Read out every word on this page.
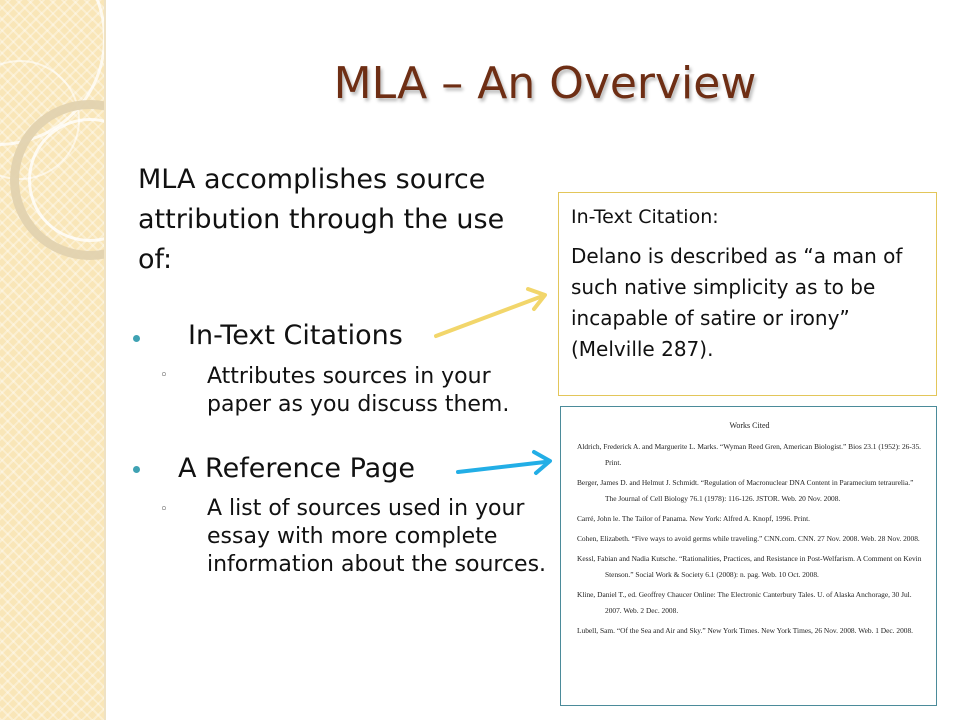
MLA – An Overview
MLA accomplishes source attribution through the use of:
In-Text Citations
◦ Attributes sources in your paper as you discuss them.
A Reference Page
◦ A list of sources used in your essay with more complete information about the sources.
In-Text Citation:
Delano is described as “a man of such native simplicity as to be incapable of satire or irony” (Melville 287).
Works Cited
Aldrich, Frederick A. and Marguerite L. Marks. “Wyman Reed Gren, American Biologist.” Bios 23.1 (1952): 26-35. Print.
Berger, James D. and Helmut J. Schmidt. “Regulation of Macronuclear DNA Content in Paramecium tetraurelia.” The Journal of Cell Biology 76.1 (1978): 116-126. JSTOR. Web. 20 Nov. 2008.
Carré, John le. The Tailor of Panama. New York: Alfred A. Knopf, 1996. Print.
Cohen, Elizabeth. “Five ways to avoid germs while traveling.” CNN.com. CNN. 27 Nov. 2008. Web. 28 Nov. 2008.
Kessl, Fabian and Nadia Kutsche. “Rationalities, Practices, and Resistance in Post-Welfarism. A Comment on Kevin Stenson.” Social Work & Society 6.1 (2008): n. pag. Web. 10 Oct. 2008.
Kline, Daniel T., ed. Geoffrey Chaucer Online: The Electronic Canterbury Tales. U. of Alaska Anchorage, 30 Jul. 2007. Web. 2 Dec. 2008.
Lubell, Sam. “Of the Sea and Air and Sky.” New York Times. New York Times, 26 Nov. 2008. Web. 1 Dec. 2008.
